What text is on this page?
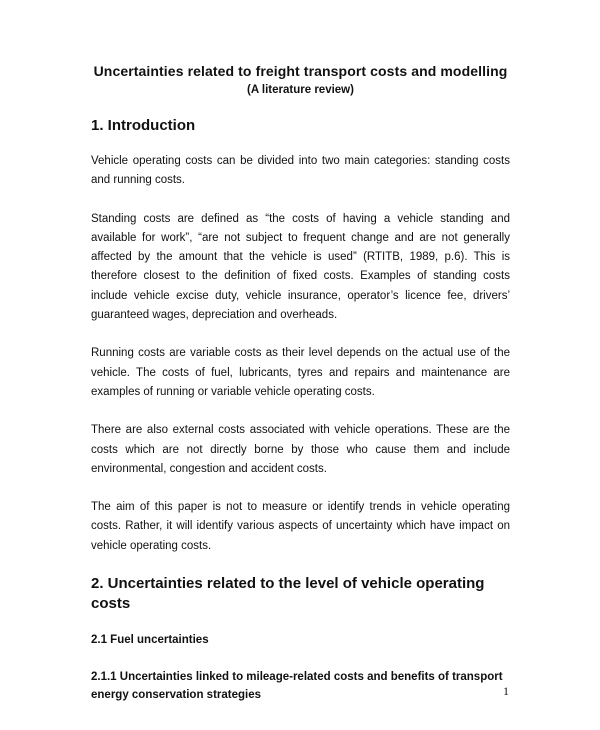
Uncertainties related to freight transport costs and modelling

(A literature review)

1. Introduction

Vehicle operating costs can be divided into two main categories: standing costs and running costs.

Standing costs are defined as “the costs of having a vehicle standing and available for work”, “are not subject to frequent change and are not generally affected by the amount that the vehicle is used” (RTITB, 1989, p.6). This is therefore closest to the definition of fixed costs. Examples of standing costs include vehicle excise duty, vehicle insurance, operator’s licence fee, drivers’ guaranteed wages, depreciation and overheads.

Running costs are variable costs as their level depends on the actual use of the vehicle. The costs of fuel, lubricants, tyres and repairs and maintenance are examples of running or variable vehicle operating costs.

There are also external costs associated with vehicle operations. These are the costs which are not directly borne by those who cause them and include environmental, congestion and accident costs.

The aim of this paper is not to measure or identify trends in vehicle operating costs. Rather, it will identify various aspects of uncertainty which have impact on vehicle operating costs.

2. Uncertainties related to the level of vehicle operating costs

2.1 Fuel uncertainties

2.1.1 Uncertainties linked to mileage-related costs and benefits of transport energy conservation strategies	1
